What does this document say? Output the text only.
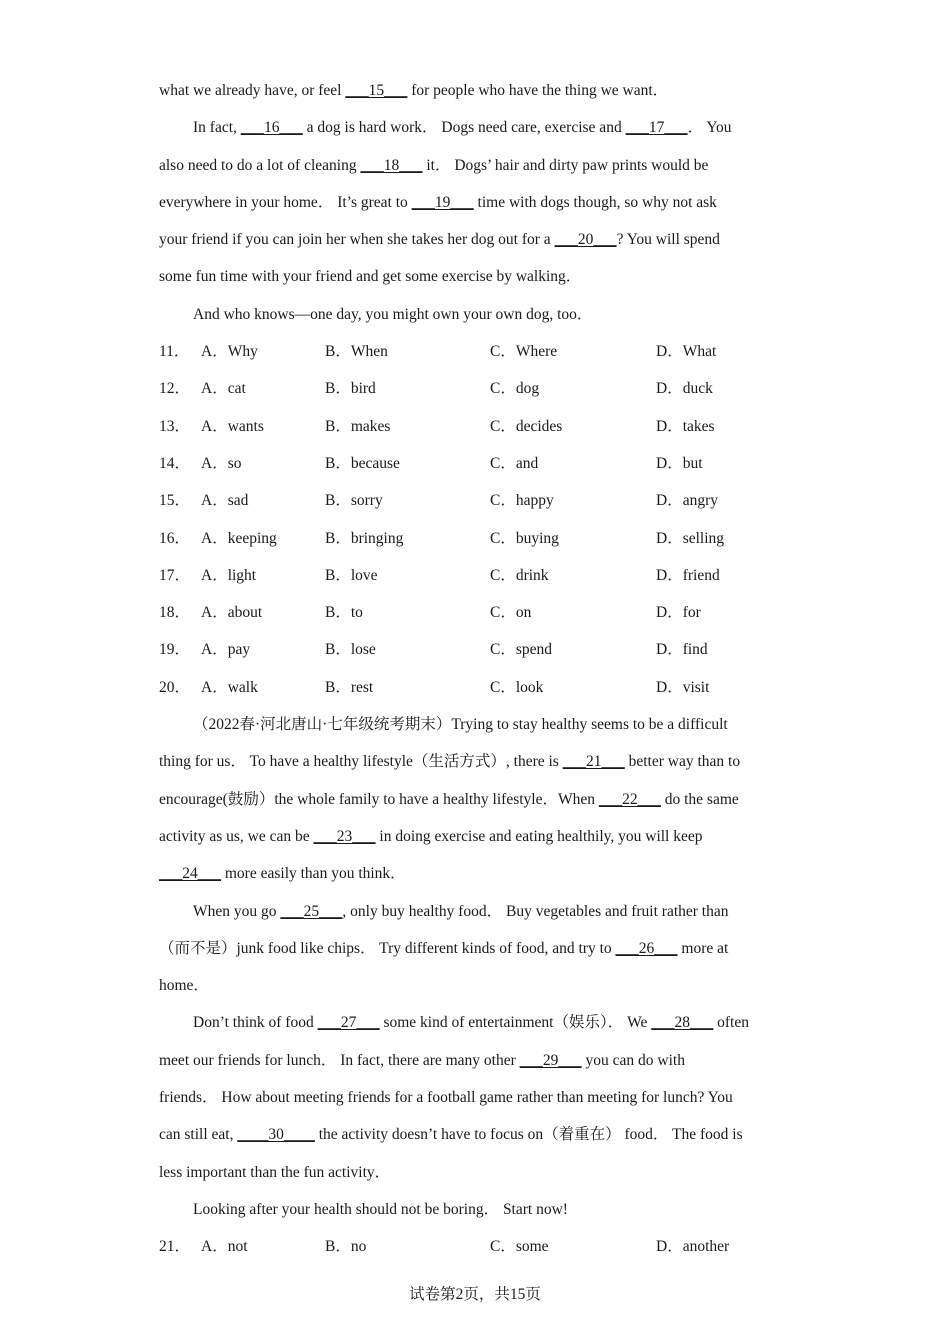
what we already have, or feel ___15___ for people who have the thing we want．
In fact, ___16___ a dog is hard work． Dogs need care, exercise and ___17___． You
also need to do a lot of cleaning ___18___ it． Dogs’ hair and dirty paw prints would be
everywhere in your home． It’s great to ___19___ time with dogs though, so why not ask
your friend if you can join her when she takes her dog out for a ___20___? You will spend
some fun time with your friend and get some exercise by walking．
And who knows—one day, you might own your own dog, too．
11． A．Why	B．When	C．Where	D．What
12． A．cat	B．bird	C．dog	D．duck
13． A．wants	B．makes	C．decides	D．takes
14． A．so	B．because	C．and	D．but
15． A．sad	B．sorry	C．happy	D．angry
16． A．keeping	B．bringing	C．buying	D．selling
17． A．light	B．love	C．drink	D．friend
18． A．about	B．to	C．on	D．for
19． A．pay	B．lose	C．spend	D．find
20． A．walk	B．rest	C．look	D．visit
（2022春·河北唐山·七年级统考期末）Trying to stay healthy seems to be a difficult
thing for us． To have a healthy lifestyle（生活方式）, there is ___21___ better way than to
encourage(鼓励）the whole family to have a healthy lifestyle．When ___22___ do the same
activity as us, we can be ___23___ in doing exercise and eating healthily, you will keep
___24___ more easily than you think．
When you go ___25___, only buy healthy food． Buy vegetables and fruit rather than
（而不是）junk food like chips． Try different kinds of food, and try to ___26___ more at
home．
Don’t think of food ___27___ some kind of entertainment（娱乐）． We ___28___ often
meet our friends for lunch． In fact, there are many other ___29___ you can do with
friends． How about meeting friends for a football game rather than meeting for lunch? You
can still eat, ____30____ the activity doesn’t have to focus on（着重在） food． The food is
less important than the fun activity．
Looking after your health should not be boring． Start now!
21． A．not	B．no	C．some	D．another
试卷第2页，共15页
